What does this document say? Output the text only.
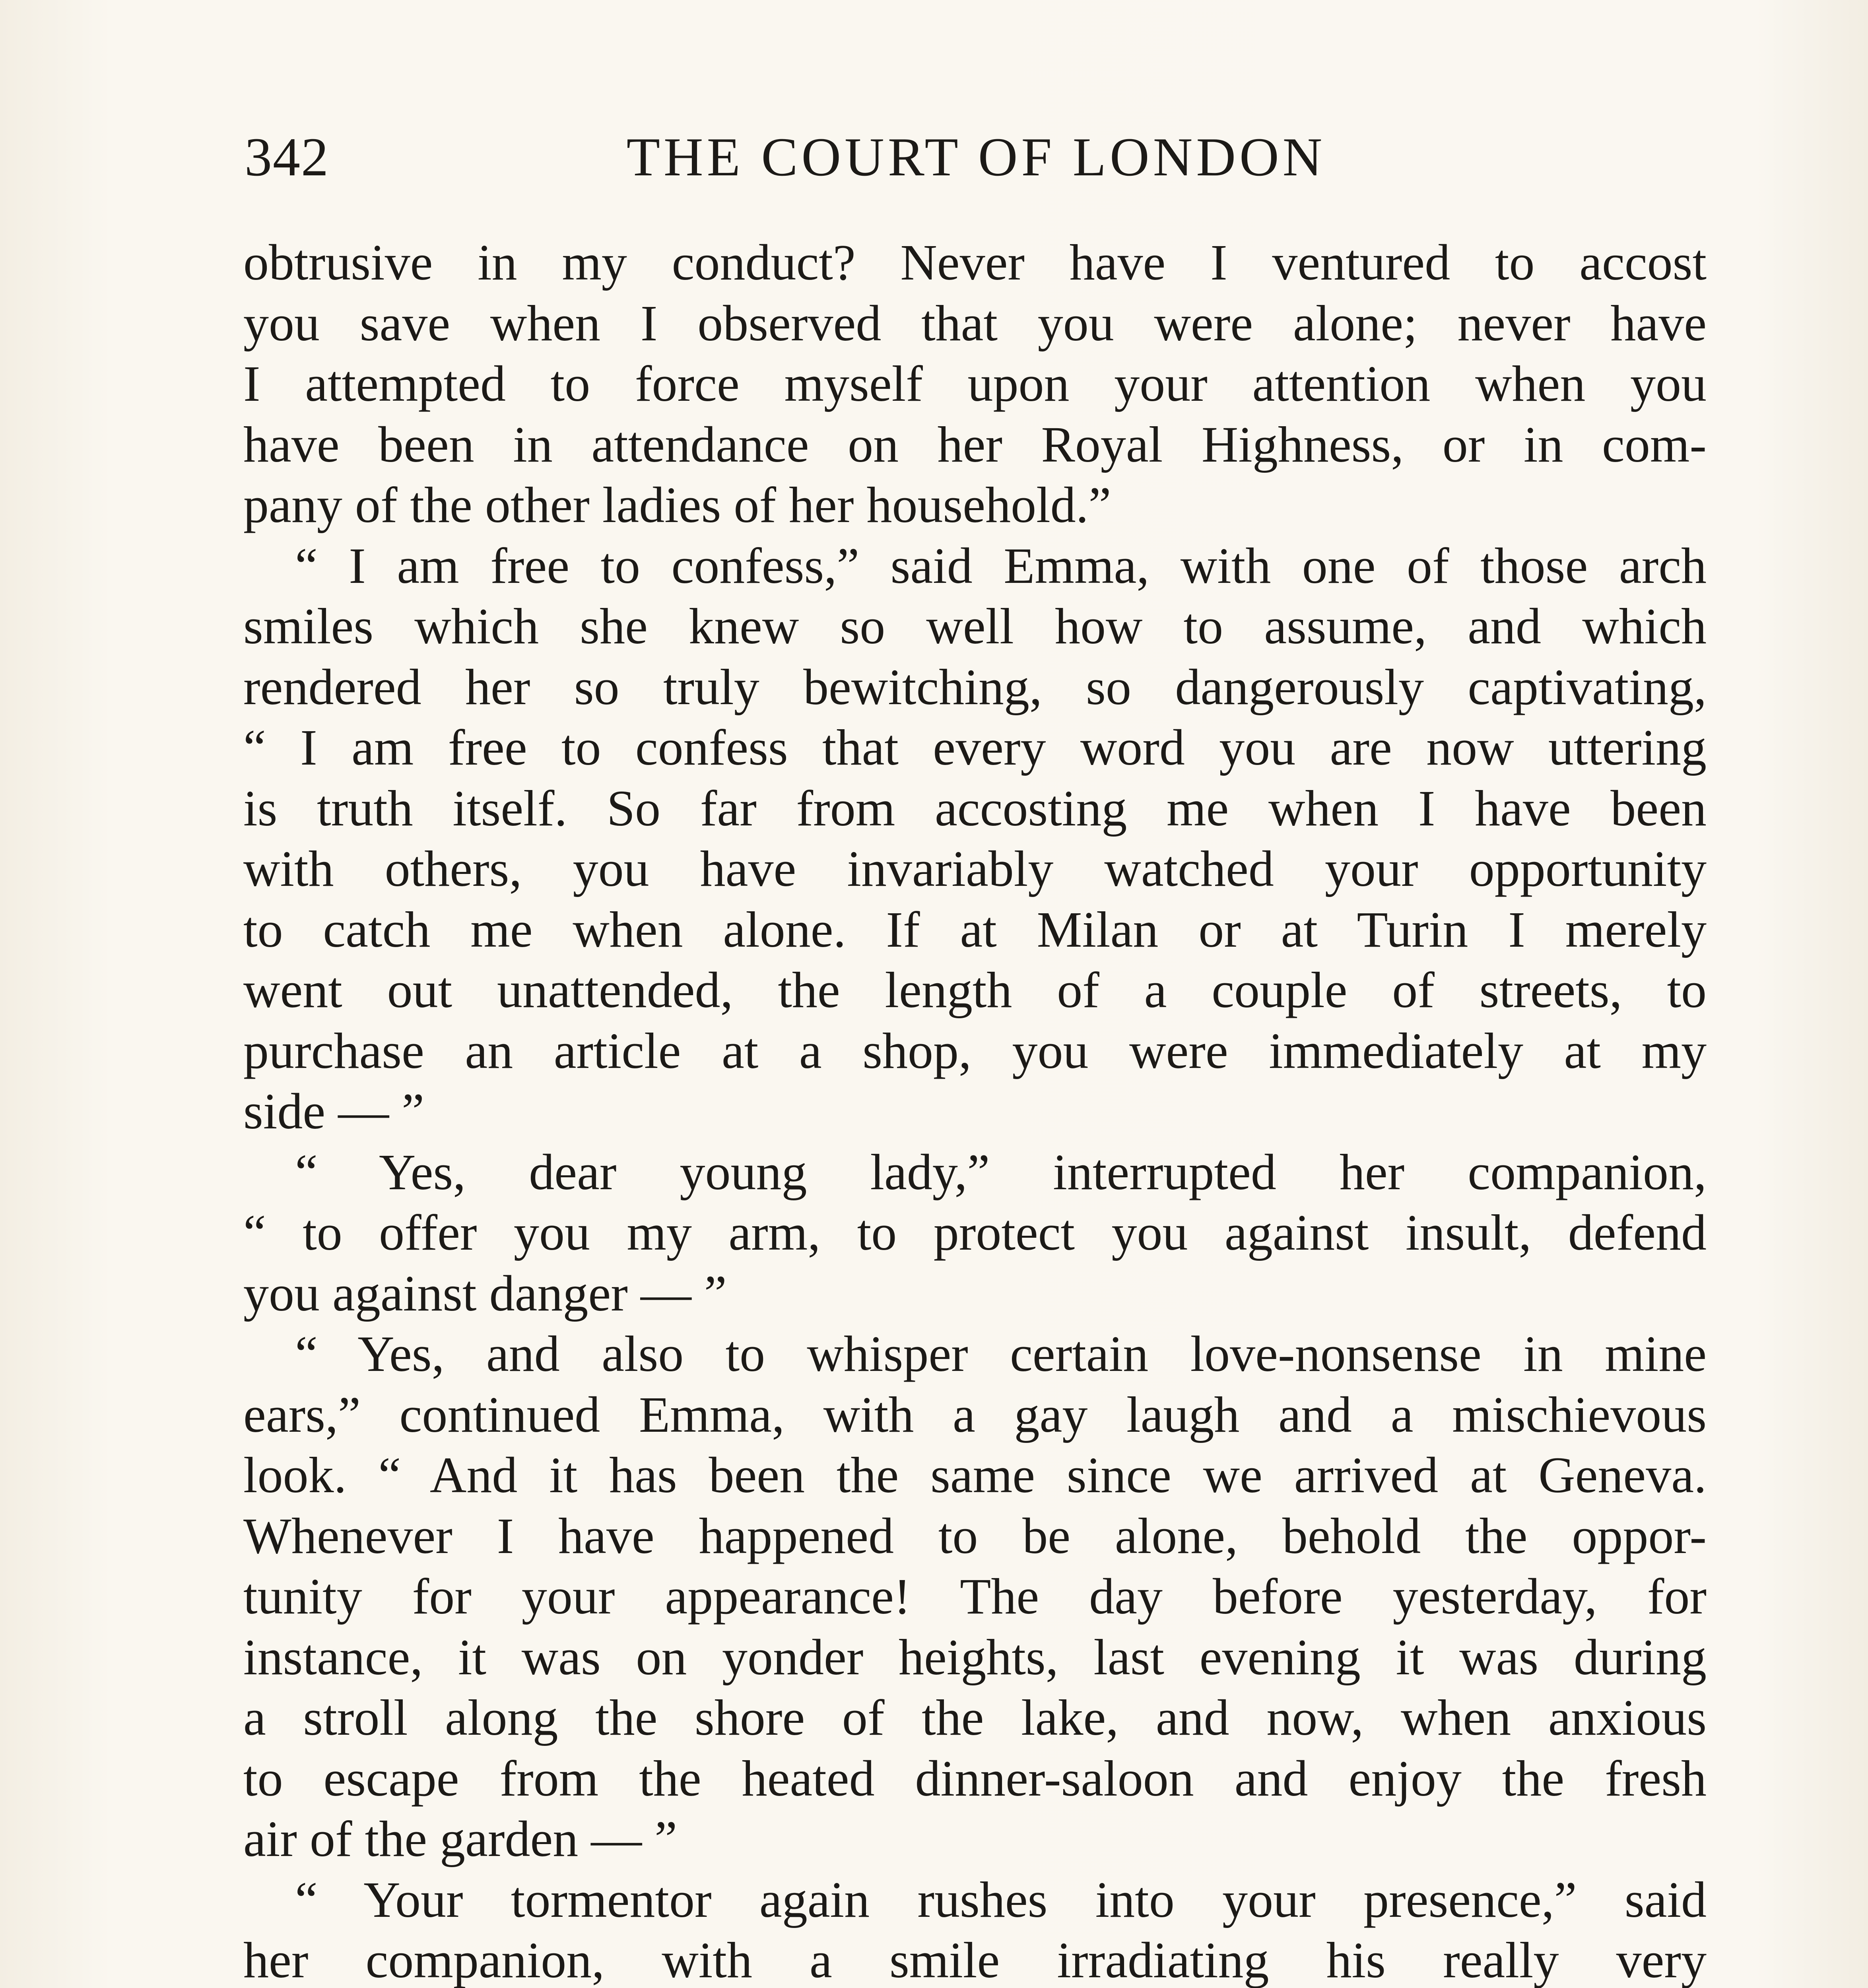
342	THE COURT OF LONDON
obtrusive in my conduct? Never have I ventured to accost
you save when I observed that you were alone; never have
I attempted to force myself upon your attention when you
have been in attendance on her Royal Highness, or in com-
pany of the other ladies of her household.”
“ I am free to confess,” said Emma, with one of those arch
smiles which she knew so well how to assume, and which
rendered her so truly bewitching, so dangerously captivating,
“ I am free to confess that every word you are now uttering
is truth itself. So far from accosting me when I have been
with others, you have invariably watched your opportunity
to catch me when alone. If at Milan or at Turin I merely
went out unattended, the length of a couple of streets, to
purchase an article at a shop, you were immediately at my
side — ”
“ Yes, dear young lady,” interrupted her companion,
“ to offer you my arm, to protect you against insult, defend
you against danger — ”
“ Yes, and also to whisper certain love-nonsense in mine
ears,” continued Emma, with a gay laugh and a mischievous
look. “ And it has been the same since we arrived at Geneva.
Whenever I have happened to be alone, behold the oppor-
tunity for your appearance! The day before yesterday, for
instance, it was on yonder heights, last evening it was during
a stroll along the shore of the lake, and now, when anxious
to escape from the heated dinner-saloon and enjoy the fresh
air of the garden — ”
“ Your tormentor again rushes into your presence,” said
her companion, with a smile irradiating his really very
